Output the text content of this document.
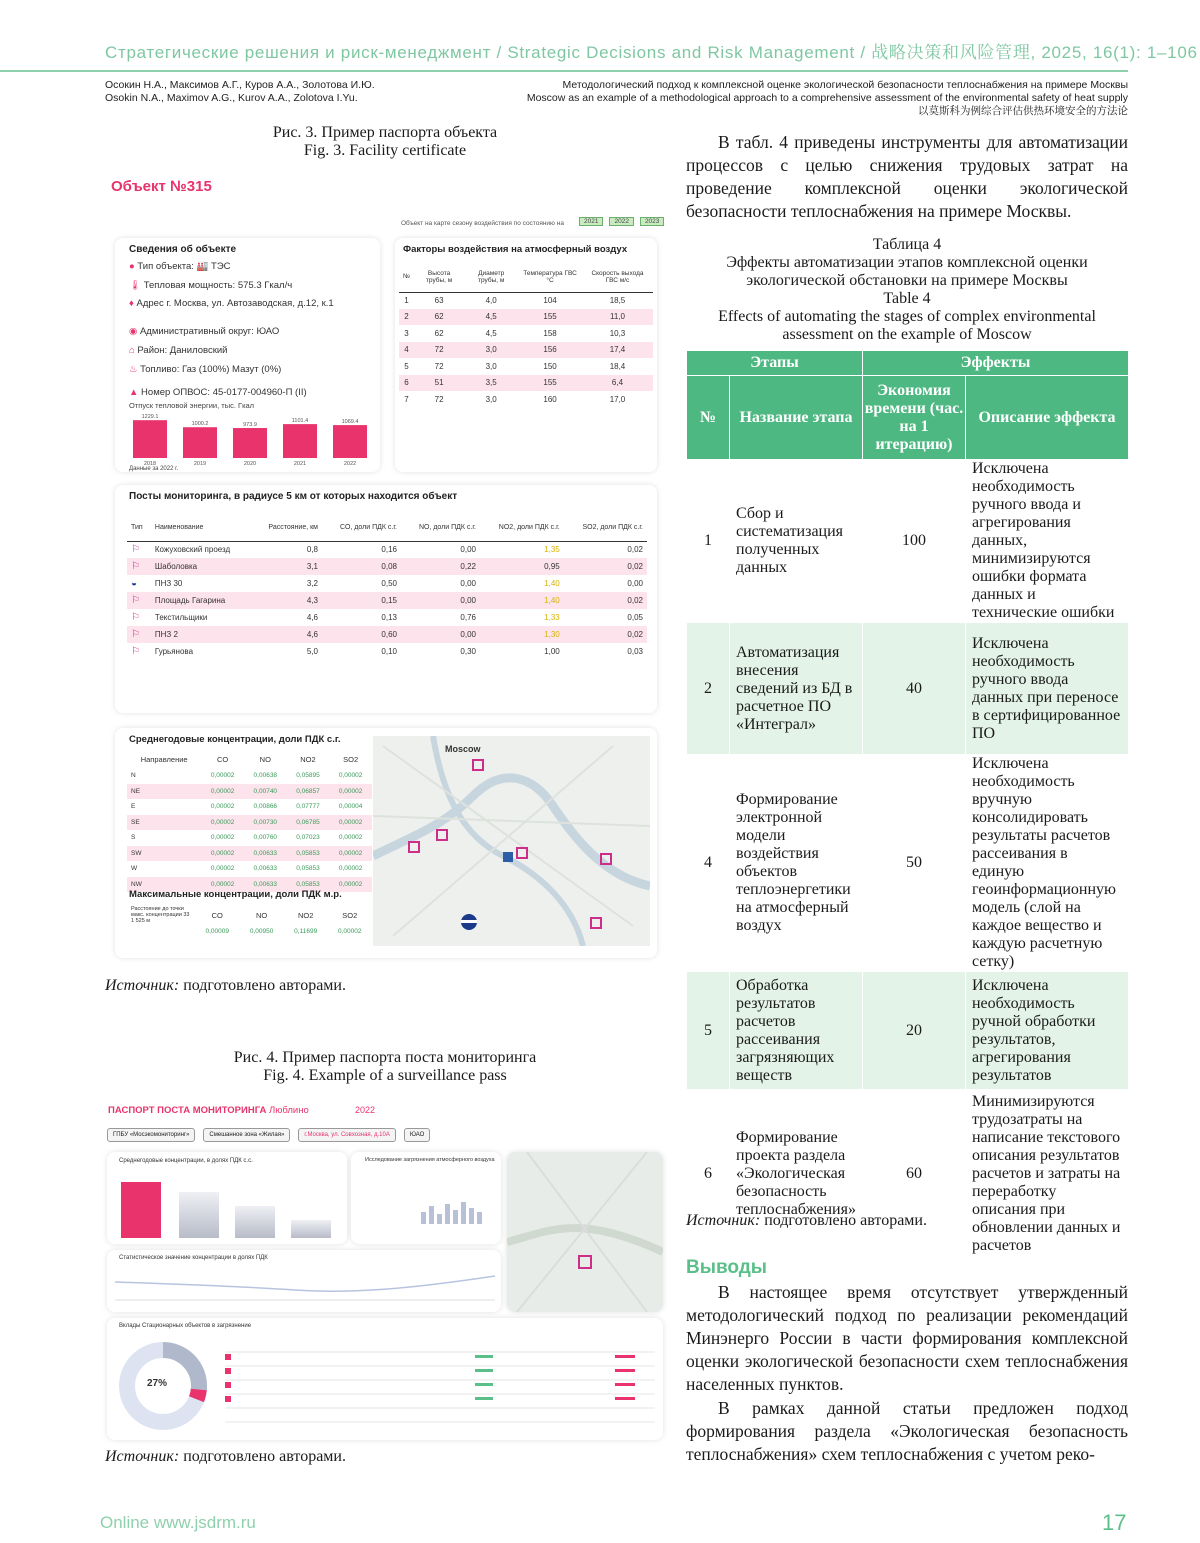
Стратегические решения и риск-менеджмент / Strategic Decisions and Risk Management / 战略决策和风险管理, 2025, 16(1): 1–106
Осокин Н.А., Максимов А.Г., Куров А.А., Золотова И.Ю.
Osokin N.A., Maximov A.G., Kurov A.A., Zolotova I.Yu.
Методологический подход к комплексной оценке экологической безопасности теплоснабжения на примере Москвы
Moscow as an example of a methodological approach to a comprehensive assessment of the environmental safety of heat supply
以莫斯科为例综合评估供热环境安全的方法论
Рис. 3. Пример паспорта объекта
Fig. 3. Facility certificate
Объект №315
Объект на карте сезону воздействия по состоянию на	2021	2022	2023
Сведения об объекте
● Тип объекта: 🏭 ТЭС
🌡 Тепловая мощность: 575.3 Гкал/ч
♦ Адрес г. Москва, ул. Автозаводская, д.12, к.1
◉ Административный округ: ЮАО
⌂ Район: Даниловский
♨ Топливо: Газ (100%) Мазут (0%)
▲ Номер ОПВОС: 45-0177-004960-П (II)
Отпуск тепловой энергии, тыс. Гкал
1229.1
2018
1000.2
2019
973.9
2020
1101.4
2021
1069.4
2022
Данные за 2022 г.
Факторы воздействия на атмосферный воздух
№	Высота трубы, м	Диаметр трубы, м	Температура ГВС °С	Скорость выхода ГВС м/с
1	63	4,0	104	18,5
2	62	4,5	155	11,0
3	62	4,5	158	10,3
4	72	3,0	156	17,4
5	72	3,0	150	18,4
6	51	3,5	155	6,4
7	72	3,0	160	17,0
Посты мониторинга, в радиусе 5 км от которых находится объект
Тип	Наименование	Расстояние, км	CO, доли ПДК с.г.	NO, доли ПДК с.г.	NO2, доли ПДК с.г.	SO2, доли ПДК с.г.
⚐	Кожуховский проезд	0,8	0,16	0,00	1,35	0,02
⚐	Шаболовка	3,1	0,08	0,22	0,95	0,02
◒	ПНЗ 30	3,2	0,50	0,00	1,40	0,00
⚐	Площадь Гагарина	4,3	0,15	0,00	1,40	0,02
⚐	Текстильщики	4,6	0,13	0,76	1,33	0,05
⚐	ПНЗ 2	4,6	0,60	0,00	1,30	0,02
⚐	Гурьянова	5,0	0,10	0,30	1,00	0,03
Среднегодовые концентрации, доли ПДК с.г.
Направление	CO	NO	NO2	SO2
N	0,00002	0,00638	0,05895	0,00002
NE	0,00002	0,00740	0,06857	0,00002
E	0,00002	0,00866	0,07777	0,00004
SE	0,00002	0,00730	0,06785	0,00002
S	0,00002	0,00760	0,07023	0,00002
SW	0,00002	0,00633	0,05853	0,00002
W	0,00002	0,00633	0,05853	0,00002
NW	0,00002	0,00633	0,05853	0,00002
Максимальные концентрации, доли ПДК м.р.
Расстояние до точки макс. концентрации 33 1 525 м	CO	NO	NO2	SO2
	0,00009	0,00950	0,11699	0,00002
Moscow
Источник: подготовлено авторами.
Рис. 4. Пример паспорта поста мониторинга
Fig. 4. Example of a surveillance pass
ПАСПОРТ ПОСТА МОНИТОРИНГА Люблино	2022
ГПБУ «Мосэкомониторинг»	Смешанное зона «Жилая»	г.Москва, ул. Совхозная, д.10А	ЮАО
Среднегодовые концентрации, в долях ПДК с.с.	Исследование загрязнения атмосферного воздуха
Статистическое значение концентрации в долях ПДК
Вклады Стационарных объектов в загрязнение
27%
Источник: подготовлено авторами.
В табл. 4 приведены инструменты для автоматизации процессов с целью снижения трудовых затрат на проведение комплексной оценки экологической безопасности теплоснабжения на примере Москвы.
Таблица 4
Эффекты автоматизации этапов комплексной оценки экологической обстановки на примере Москвы
Table 4
Effects of automating the stages of complex environmental assessment on the example of Moscow
Этапы		Эффекты	
№	Название этапа	Экономия времени (час. на 1 итерацию)	Описание эффекта
1	Сбор и систематизация полученных данных	100	Исключена необходимость ручного ввода и агрегирования данных, минимизируются ошибки формата данных и технические ошибки
2	Автоматизация внесения сведений из БД в расчетное ПО «Интеграл»	40	Исключена необходимость ручного ввода данных при переносе в сертифицированное ПО
4	Формирование электронной модели воздействия объектов теплоэнергетики на атмосферный воздух	50	Исключена необходимость вручную консолидировать результаты расчетов рассеивания в единую геоинформационную модель (слой на каждое вещество и каждую расчетную сетку)
5	Обработка результатов расчетов рассеивания загрязняющих веществ	20	Исключена необходимость ручной обработки результатов, агрегирования результатов
6	Формирование проекта раздела «Экологическая безопасность теплоснабжения»	60	Минимизируются трудозатраты на написание текстового описания результатов расчетов и затраты на переработку описания при обновлении данных и расчетов
Источник: подготовлено авторами.
Выводы
В настоящее время отсутствует утвержденный методологический подход по реализации рекомендаций Минэнерго России в части формирования комплексной оценки экологической безопасности схем теплоснабжения населенных пунктов.
В рамках данной статьи предложен подход формирования раздела «Экологическая безопасность теплоснабжения» схем теплоснабжения с учетом реко-
Online www.jsdrm.ru	17
